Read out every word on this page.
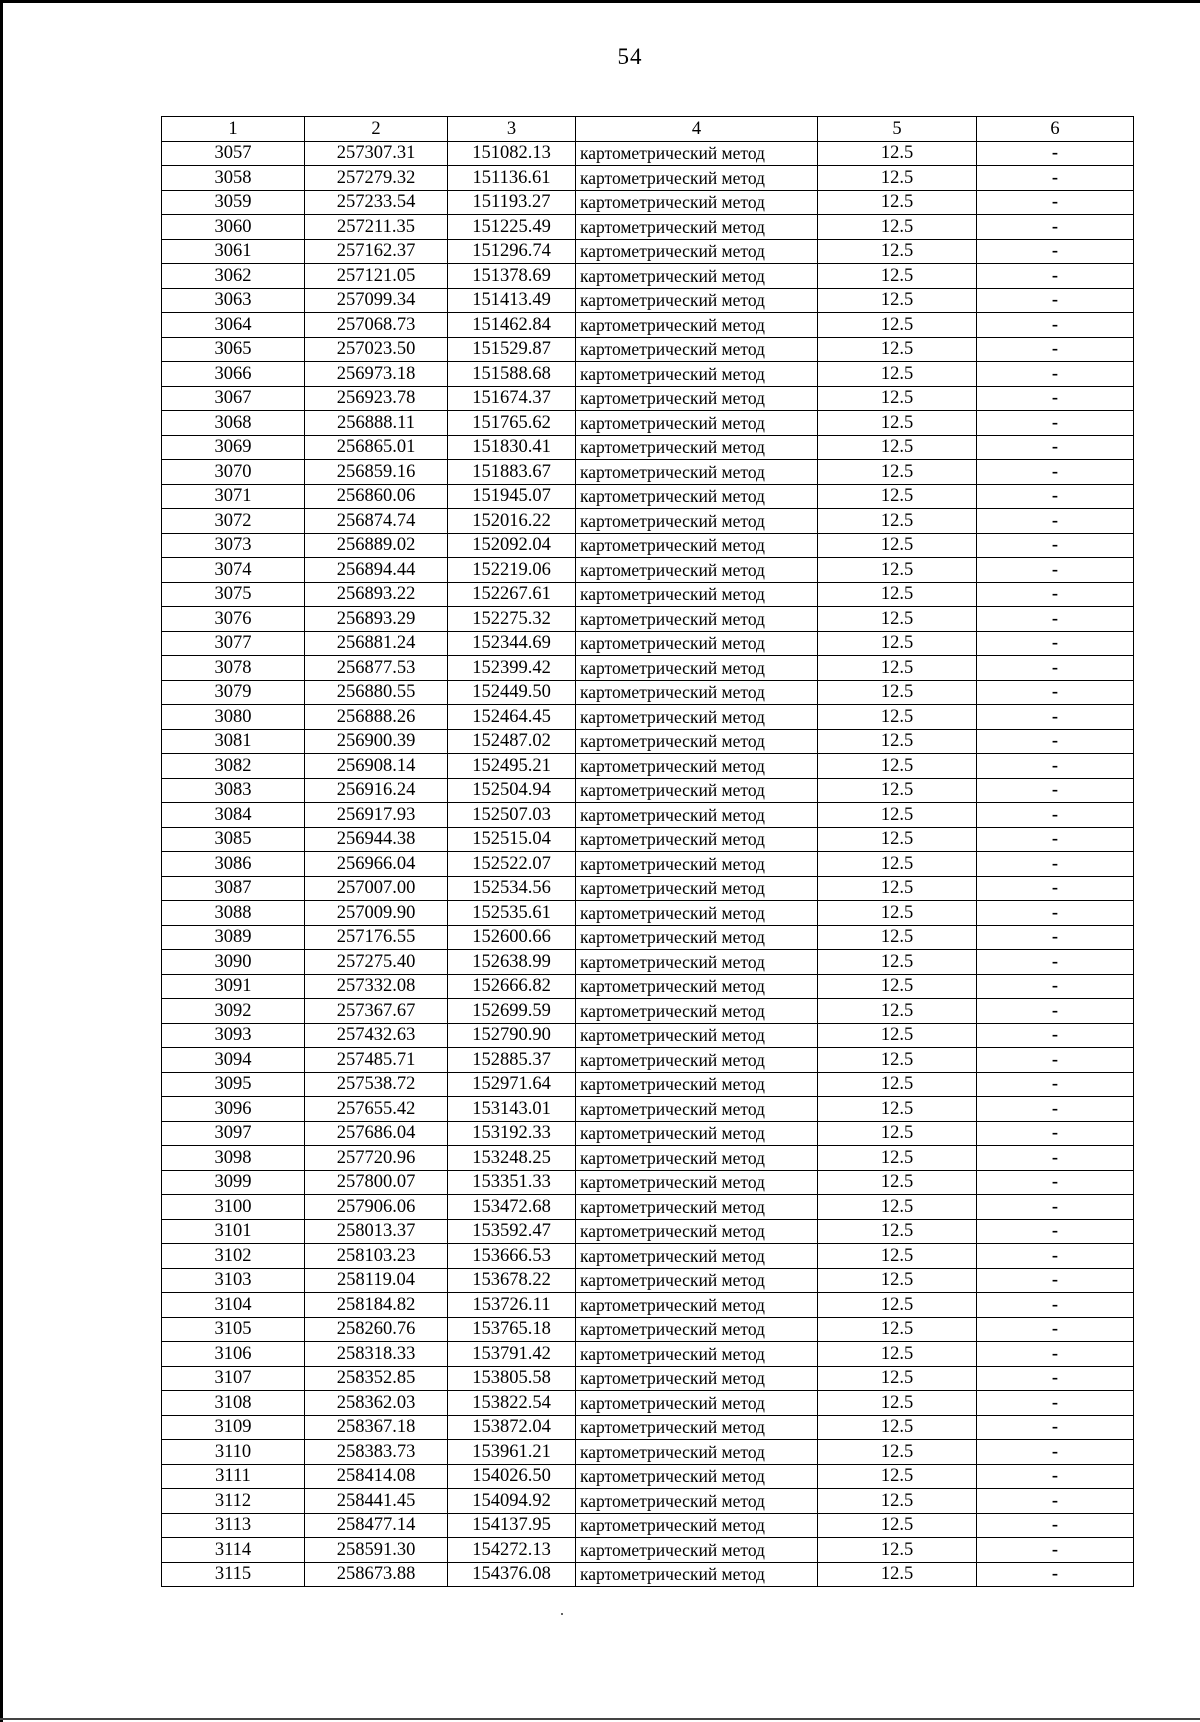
54
1	2	3	4	5	6
3057	257307.31	151082.13	картометрический метод	12.5	-
3058	257279.32	151136.61	картометрический метод	12.5	-
3059	257233.54	151193.27	картометрический метод	12.5	-
3060	257211.35	151225.49	картометрический метод	12.5	-
3061	257162.37	151296.74	картометрический метод	12.5	-
3062	257121.05	151378.69	картометрический метод	12.5	-
3063	257099.34	151413.49	картометрический метод	12.5	-
3064	257068.73	151462.84	картометрический метод	12.5	-
3065	257023.50	151529.87	картометрический метод	12.5	-
3066	256973.18	151588.68	картометрический метод	12.5	-
3067	256923.78	151674.37	картометрический метод	12.5	-
3068	256888.11	151765.62	картометрический метод	12.5	-
3069	256865.01	151830.41	картометрический метод	12.5	-
3070	256859.16	151883.67	картометрический метод	12.5	-
3071	256860.06	151945.07	картометрический метод	12.5	-
3072	256874.74	152016.22	картометрический метод	12.5	-
3073	256889.02	152092.04	картометрический метод	12.5	-
3074	256894.44	152219.06	картометрический метод	12.5	-
3075	256893.22	152267.61	картометрический метод	12.5	-
3076	256893.29	152275.32	картометрический метод	12.5	-
3077	256881.24	152344.69	картометрический метод	12.5	-
3078	256877.53	152399.42	картометрический метод	12.5	-
3079	256880.55	152449.50	картометрический метод	12.5	-
3080	256888.26	152464.45	картометрический метод	12.5	-
3081	256900.39	152487.02	картометрический метод	12.5	-
3082	256908.14	152495.21	картометрический метод	12.5	-
3083	256916.24	152504.94	картометрический метод	12.5	-
3084	256917.93	152507.03	картометрический метод	12.5	-
3085	256944.38	152515.04	картометрический метод	12.5	-
3086	256966.04	152522.07	картометрический метод	12.5	-
3087	257007.00	152534.56	картометрический метод	12.5	-
3088	257009.90	152535.61	картометрический метод	12.5	-
3089	257176.55	152600.66	картометрический метод	12.5	-
3090	257275.40	152638.99	картометрический метод	12.5	-
3091	257332.08	152666.82	картометрический метод	12.5	-
3092	257367.67	152699.59	картометрический метод	12.5	-
3093	257432.63	152790.90	картометрический метод	12.5	-
3094	257485.71	152885.37	картометрический метод	12.5	-
3095	257538.72	152971.64	картометрический метод	12.5	-
3096	257655.42	153143.01	картометрический метод	12.5	-
3097	257686.04	153192.33	картометрический метод	12.5	-
3098	257720.96	153248.25	картометрический метод	12.5	-
3099	257800.07	153351.33	картометрический метод	12.5	-
3100	257906.06	153472.68	картометрический метод	12.5	-
3101	258013.37	153592.47	картометрический метод	12.5	-
3102	258103.23	153666.53	картометрический метод	12.5	-
3103	258119.04	153678.22	картометрический метод	12.5	-
3104	258184.82	153726.11	картометрический метод	12.5	-
3105	258260.76	153765.18	картометрический метод	12.5	-
3106	258318.33	153791.42	картометрический метод	12.5	-
3107	258352.85	153805.58	картометрический метод	12.5	-
3108	258362.03	153822.54	картометрический метод	12.5	-
3109	258367.18	153872.04	картометрический метод	12.5	-
3110	258383.73	153961.21	картометрический метод	12.5	-
3111	258414.08	154026.50	картометрический метод	12.5	-
3112	258441.45	154094.92	картометрический метод	12.5	-
3113	258477.14	154137.95	картометрический метод	12.5	-
3114	258591.30	154272.13	картометрический метод	12.5	-
3115	258673.88	154376.08	картометрический метод	12.5	-
